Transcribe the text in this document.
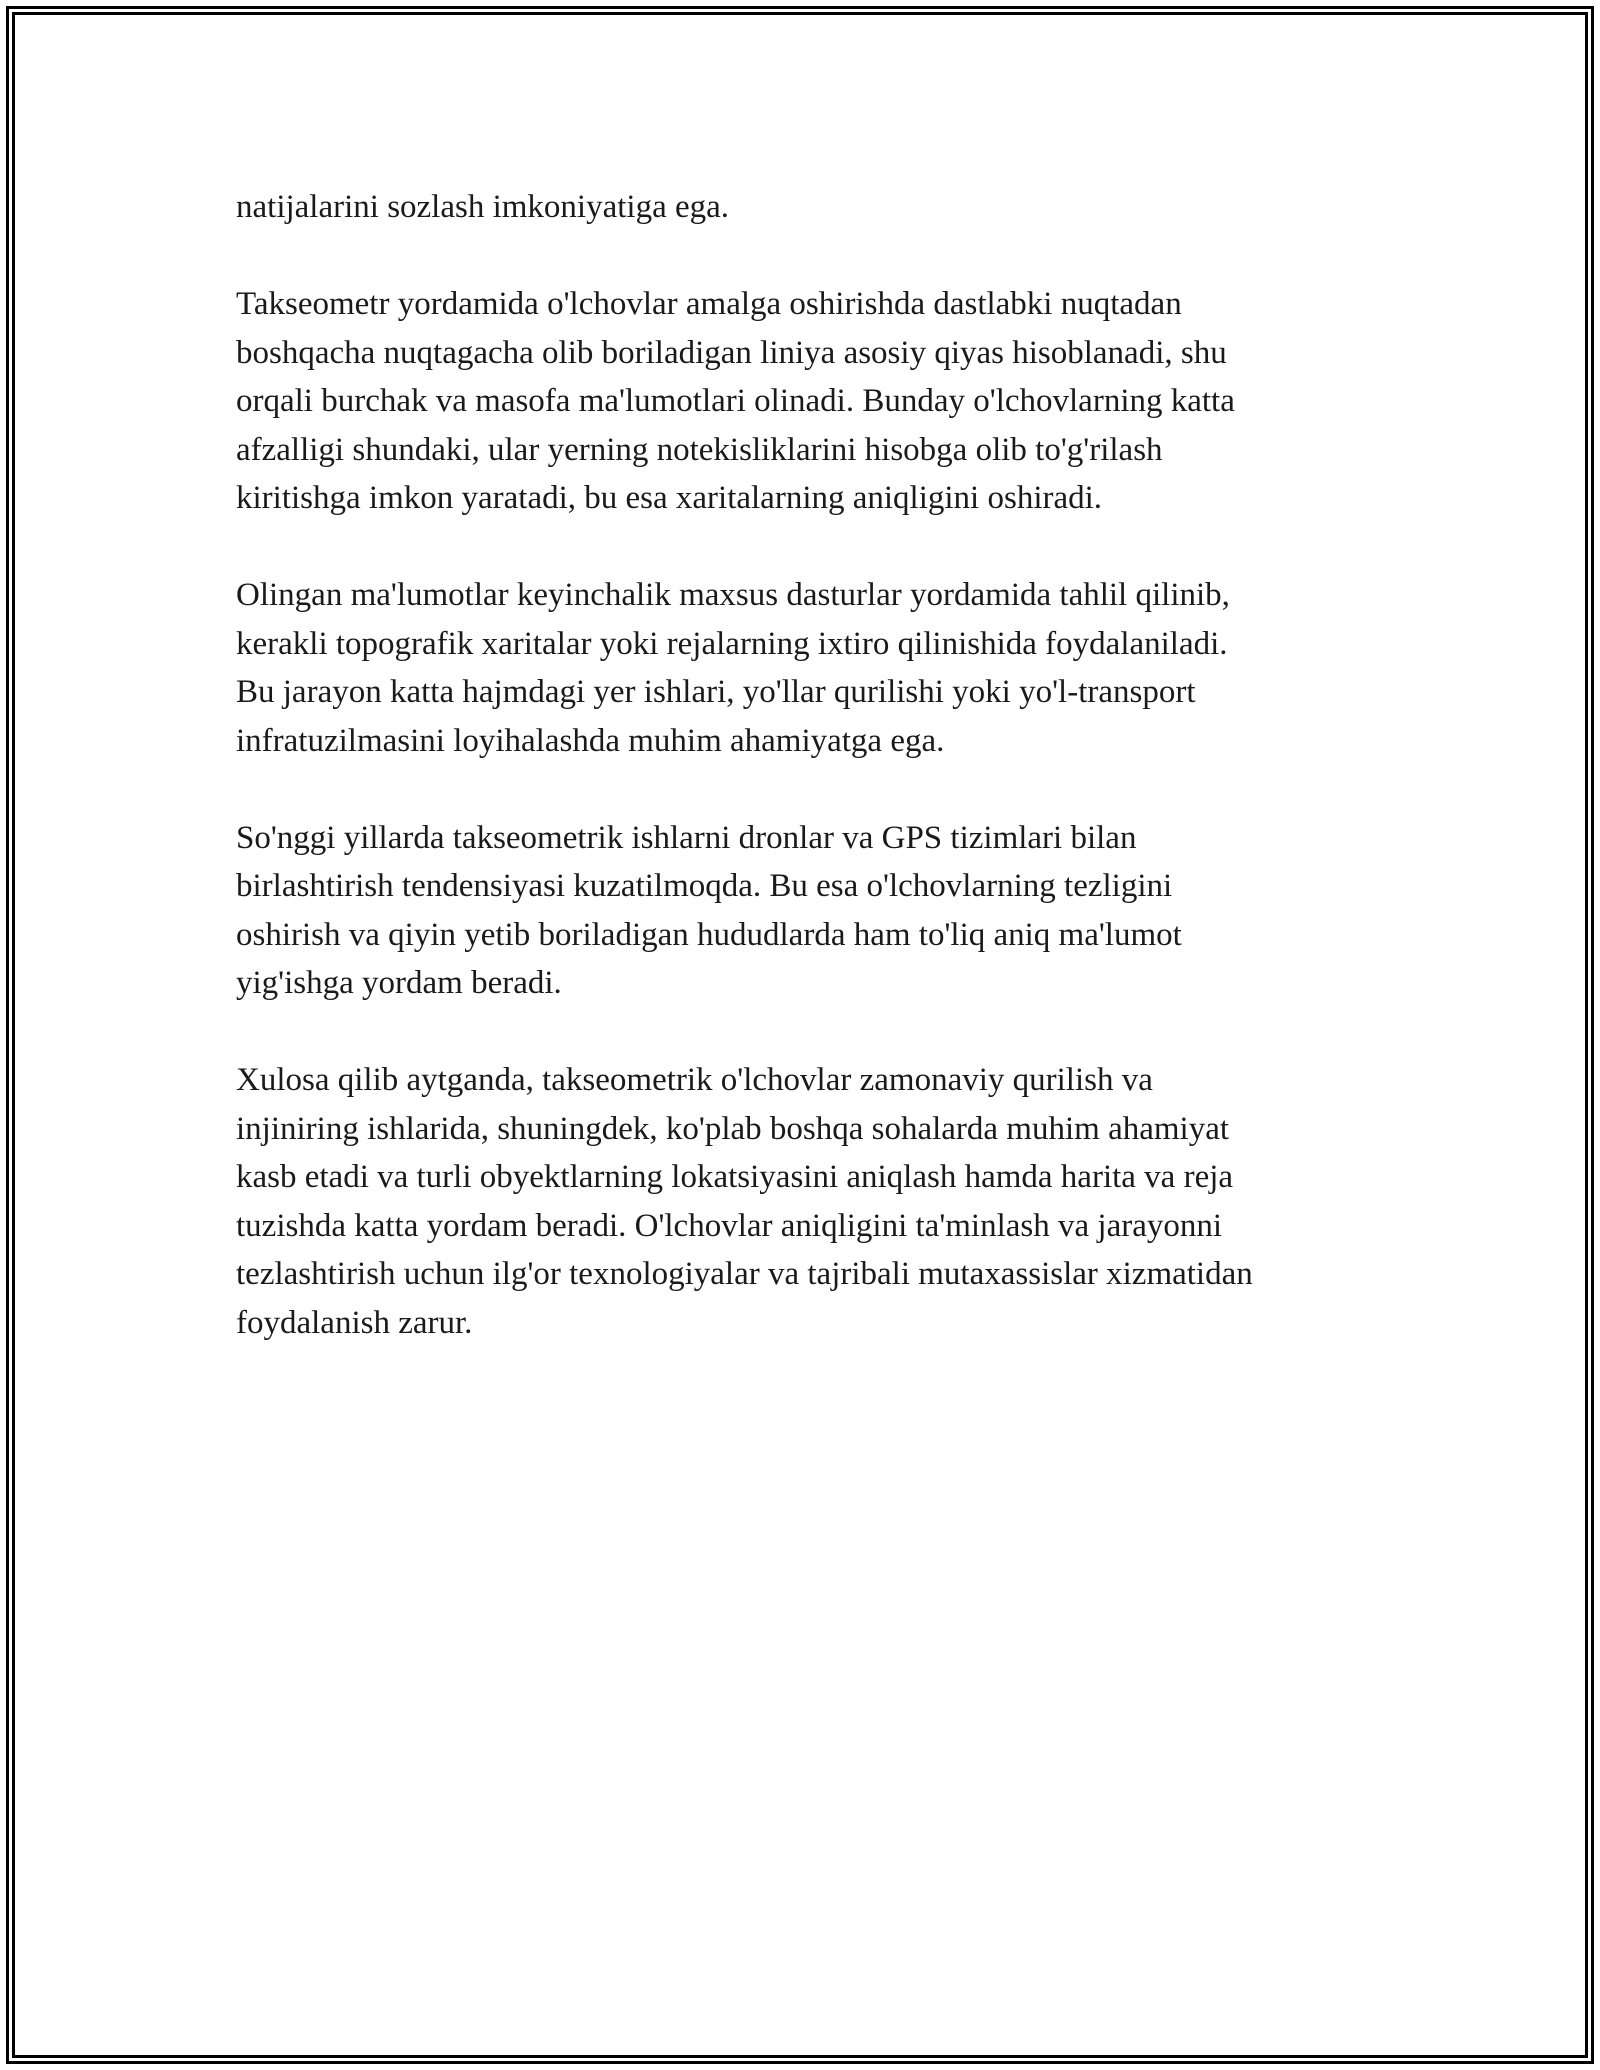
natijalarini sozlash imkoniyatiga ega.

Takseometr yordamida o'lchovlar amalga oshirishda dastlabki nuqtadan
boshqacha nuqtagacha olib boriladigan liniya asosiy qiyas hisoblanadi, shu
orqali burchak va masofa ma'lumotlari olinadi. Bunday o'lchovlarning katta
afzalligi shundaki, ular yerning notekisliklarini hisobga olib to'g'rilash
kiritishga imkon yaratadi, bu esa xaritalarning aniqligini oshiradi.

Olingan ma'lumotlar keyinchalik maxsus dasturlar yordamida tahlil qilinib,
kerakli topografik xaritalar yoki rejalarning ixtiro qilinishida foydalaniladi.
Bu jarayon katta hajmdagi yer ishlari, yo'llar qurilishi yoki yo'l-transport
infratuzilmasini loyihalashda muhim ahamiyatga ega.

So'nggi yillarda takseometrik ishlarni dronlar va GPS tizimlari bilan
birlashtirish tendensiyasi kuzatilmoqda. Bu esa o'lchovlarning tezligini
oshirish va qiyin yetib boriladigan hududlarda ham to'liq aniq ma'lumot
yig'ishga yordam beradi.

Xulosa qilib aytganda, takseometrik o'lchovlar zamonaviy qurilish va
injiniring ishlarida, shuningdek, ko'plab boshqa sohalarda muhim ahamiyat
kasb etadi va turli obyektlarning lokatsiyasini aniqlash hamda harita va reja
tuzishda katta yordam beradi. O'lchovlar aniqligini ta'minlash va jarayonni
tezlashtirish uchun ilg'or texnologiyalar va tajribali mutaxassislar xizmatidan
foydalanish zarur.
